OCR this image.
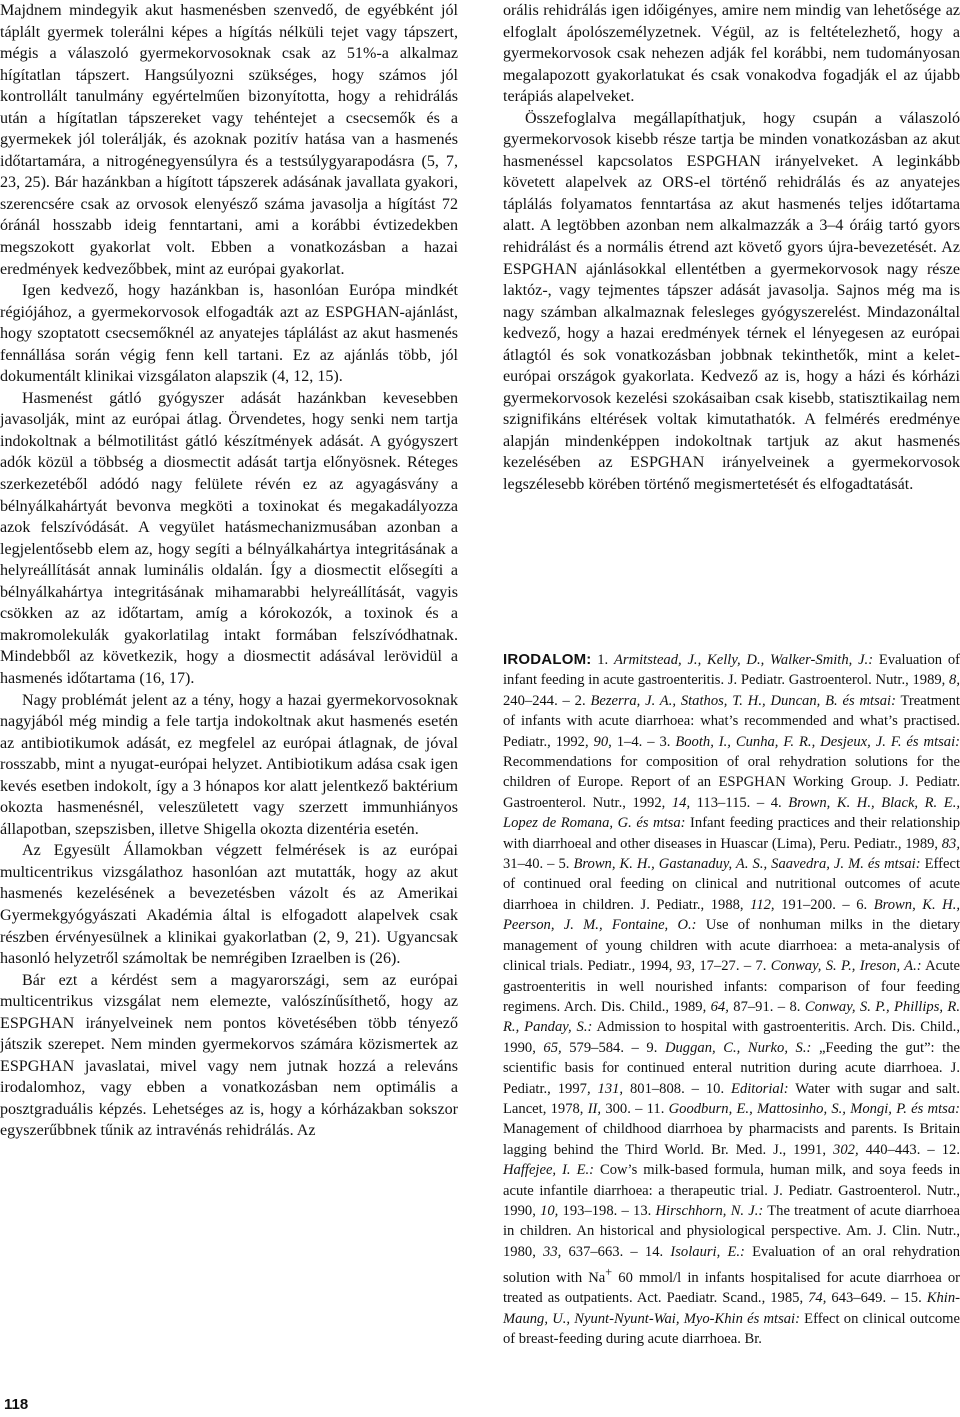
Majdnem mindegyik akut hasmenésben szenvedő, de egyébként jól táplált gyermek tolerálni képes a hígítás nélküli tejet vagy tápszert, mégis a válaszoló gyermekorvosoknak csak az 51%-a alkalmaz hígítatlan tápszert. Hangsúlyozni szükséges, hogy számos jól kontrollált tanulmány egyértelműen bizonyította, hogy a rehidrálás után a hígítatlan tápszereket vagy tehéntejet a csecsemők és a gyermekek jól tolerálják, és azoknak pozitív hatása van a hasmenés időtartamára, a nitrogénegyensúlyra és a testsúlygyarapodásra (5, 7, 23, 25). Bár hazánkban a hígított tápszerek adásának javallata gyakori, szerencsére csak az orvosok elenyésző száma javasolja a hígítást 72 óránál hosszabb ideig fenntartani, ami a korábbi évtizedekben megszokott gyakorlat volt. Ebben a vonatkozásban a hazai eredmények kedvezőbbek, mint az európai gyakorlat.

Igen kedvező, hogy hazánkban is, hasonlóan Európa mindkét régiójához, a gyermekorvosok elfogadták azt az ESPGHAN-ajánlást, hogy szoptatott csecsemőknél az anyatejes táplálást az akut hasmenés fennállása során végig fenn kell tartani. Ez az ajánlás több, jól dokumentált klinikai vizsgálaton alapszik (4, 12, 15).

Hasmenést gátló gyógyszer adását hazánkban kevesebben javasolják, mint az európai átlag. Örvendetes, hogy senki nem tartja indokoltnak a bélmotilitást gátló készítmények adását. A gyógyszert adók közül a többség a diosmectit adását tartja előnyösnek. Réteges szerkezetéből adódó nagy felülete révén ez az agyagásvány a bélnyálkahártyát bevonva megköti a toxinokat és megakadályozza azok felszívódását. A vegyület hatásmechanizmusában azonban a legjelentősebb elem az, hogy segíti a bélnyálkahártya integritásának a helyreállítását annak luminális oldalán. Így a diosmectit elősegíti a bélnyálkahártya integritásának mihamarabbi helyreállítását, vagyis csökken az az időtartam, amíg a kórokozók, a toxinok és a makromolekulák gyakorlatilag intakt formában felszívódhatnak. Mindebből az következik, hogy a diosmectit adásával lerövidül a hasmenés időtartama (16, 17).

Nagy problémát jelent az a tény, hogy a hazai gyermekorvosoknak nagyjából még mindig a fele tartja indokoltnak akut hasmenés esetén az antibiotikumok adását, ez megfelel az európai átlagnak, de jóval rosszabb, mint a nyugat-európai helyzet. Antibiotikum adása csak igen kevés esetben indokolt, így a 3 hónapos kor alatt jelentkező baktérium okozta hasmenésnél, veleszületett vagy szerzett immunhiányos állapotban, szepszisben, illetve Shigella okozta dizentéria esetén.

Az Egyesült Államokban végzett felmérések is az európai multicentrikus vizsgálathoz hasonlóan azt mutatták, hogy az akut hasmenés kezelésének a bevezetésben vázolt és az Amerikai Gyermekgyógyászati Akadémia által is elfogadott alapelvek csak részben érvényesülnek a klinikai gyakorlatban (2, 9, 21). Ugyancsak hasonló helyzetről számoltak be nemrégiben Izraelben is (26).

Bár ezt a kérdést sem a magyarországi, sem az európai multicentrikus vizsgálat nem elemezte, valószínűsíthető, hogy az ESPGHAN irányelveinek nem pontos követésében több tényező játszik szerepet. Nem minden gyermekorvos számára közismertek az ESPGHAN javaslatai, mivel vagy nem jutnak hozzá a releváns irodalomhoz, vagy ebben a vonatkozásban nem optimális a posztgraduális képzés. Lehetséges az is, hogy a kórházakban sokszor egyszerűbbnek tűnik az intravénás rehidrálás. Az

orális rehidrálás igen időigényes, amire nem mindig van lehetősége az elfoglalt ápolószemélyzetnek. Végül, az is feltételezhető, hogy a gyermekorvosok csak nehezen adják fel korábbi, nem tudományosan megalapozott gyakorlatukat és csak vonakodva fogadják el az újabb terápiás alapelveket.

Összefoglalva megállapíthatjuk, hogy csupán a válaszoló gyermekorvosok kisebb része tartja be minden vonatkozásban az akut hasmenéssel kapcsolatos ESPGHAN irányelveket. A leginkább követett alapelvek az ORS-el történő rehidrálás és az anyatejes táplálás folyamatos fenntartása az akut hasmenés teljes időtartama alatt. A legtöbben azonban nem alkalmazzák a 3–4 óráig tartó gyors rehidrálást és a normális étrend azt követő gyors újra-bevezetését. Az ESPGHAN ajánlásokkal ellentétben a gyermekorvosok nagy része laktóz-, vagy tejmentes tápszer adását javasolja. Sajnos még ma is nagy számban alkalmaznak felesleges gyógyszerelést. Mindazonáltal kedvező, hogy a hazai eredmények térnek el lényegesen az európai átlagtól és sok vonatkozásban jobbnak tekinthetők, mint a kelet-európai országok gyakorlata. Kedvező az is, hogy a házi és kórházi gyermekorvosok kezelési szokásaiban csak kisebb, statisztikailag nem szignifikáns eltérések voltak kimutathatók. A felmérés eredménye alapján mindenképpen indokoltnak tartjuk az akut hasmenés kezelésében az ESPGHAN irányelveinek a gyermekorvosok legszélesebb körében történő megismertetését és elfogadtatását.

IRODALOM: 1. Armitstead, J., Kelly, D., Walker-Smith, J.: Evaluation of infant feeding in acute gastroenteritis. J. Pediatr. Gastroenterol. Nutr., 1989, 8, 240–244. – 2. Bezerra, J. A., Stathos, T. H., Duncan, B. és mtsai: Treatment of infants with acute diarrhoea: what’s recommended and what’s practised. Pediatr., 1992, 90, 1–4. – 3. Booth, I., Cunha, F. R., Desjeux, J. F. és mtsai: Recommendations for composition of oral rehydration solutions for the children of Europe. Report of an ESPGHAN Working Group. J. Pediatr. Gastroenterol. Nutr., 1992, 14, 113–115. – 4. Brown, K. H., Black, R. E., Lopez de Romana, G. és mtsa: Infant feeding practices and their relationship with diarrhoeal and other diseases in Huascar (Lima), Peru. Pediatr., 1989, 83, 31–40. – 5. Brown, K. H., Gastanaduy, A. S., Saavedra, J. M. és mtsai: Effect of continued oral feeding on clinical and nutritional outcomes of acute diarrhoea in children. J. Pediatr., 1988, 112, 191–200. – 6. Brown, K. H., Peerson, J. M., Fontaine, O.: Use of nonhuman milks in the dietary management of young children with acute diarrhoea: a meta-analysis of clinical trials. Pediatr., 1994, 93, 17–27. – 7. Conway, S. P., Ireson, A.: Acute gastroenteritis in well nourished infants: comparison of four feeding regimens. Arch. Dis. Child., 1989, 64, 87–91. – 8. Conway, S. P., Phillips, R. R., Panday, S.: Admission to hospital with gastroenteritis. Arch. Dis. Child., 1990, 65, 579–584. – 9. Duggan, C., Nurko, S.: „Feeding the gut”: the scientific basis for continued enteral nutrition during acute diarrhoea. J. Pediatr., 1997, 131, 801–808. – 10. Editorial: Water with sugar and salt. Lancet, 1978, II, 300. – 11. Goodburn, E., Mattosinho, S., Mongi, P. és mtsa: Management of childhood diarrhoea by pharmacists and parents. Is Britain lagging behind the Third World. Br. Med. J., 1991, 302, 440–443. – 12. Haffejee, I. E.: Cow’s milk-based formula, human milk, and soya feeds in acute infantile diarrhoea: a therapeutic trial. J. Pediatr. Gastroenterol. Nutr., 1990, 10, 193–198. – 13. Hirschhorn, N. J.: The treatment of acute diarrhoea in children. An historical and physiological perspective. Am. J. Clin. Nutr., 1980, 33, 637–663. – 14. Isolauri, E.: Evaluation of an oral rehydration solution with Na+ 60 mmol/l in infants hospitalised for acute diarrhoea or treated as outpatients. Act. Paediatr. Scand., 1985, 74, 643–649. – 15. Khin-Maung, U., Nyunt-Nyunt-Wai, Myo-Khin és mtsai: Effect on clinical outcome of breast-feeding during acute diarrhoea. Br.

118
